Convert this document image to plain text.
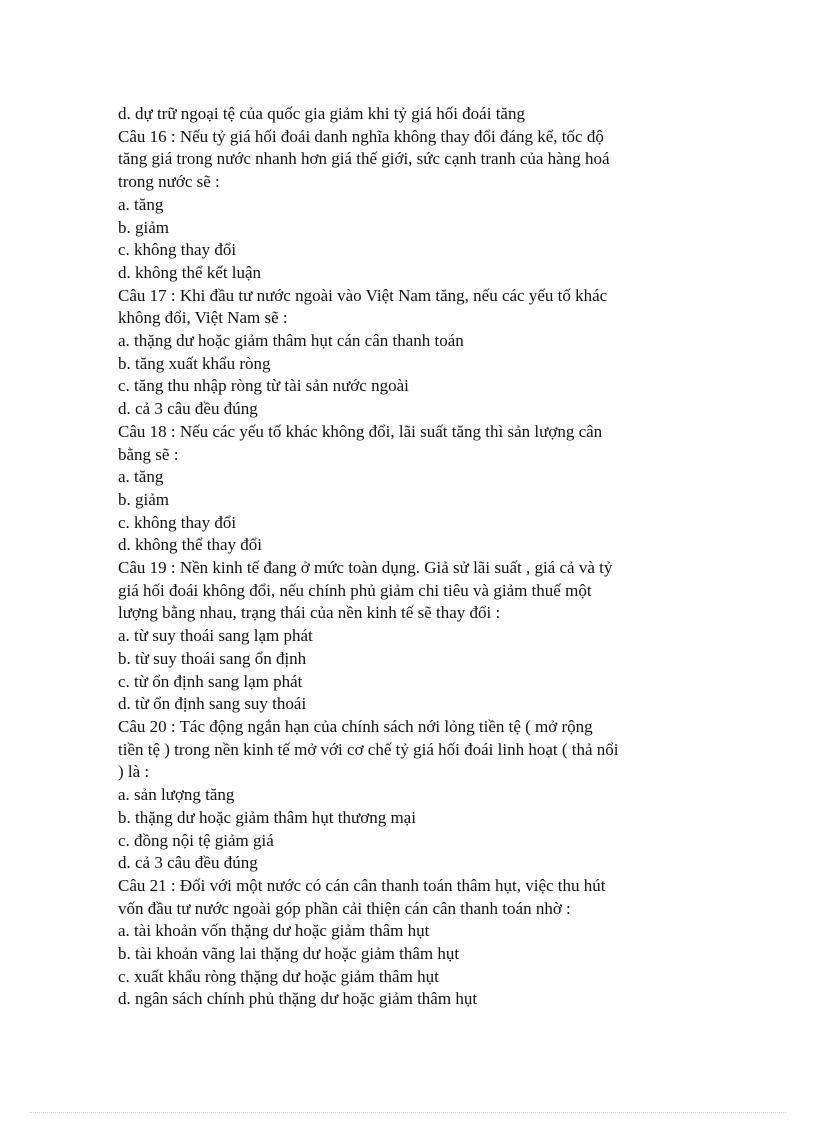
d. dự trữ ngoại tệ của quốc gia giảm khi tỷ giá hối đoái tăng
Câu 16 : Nếu tỷ giá hối đoái danh nghĩa không thay đổi đáng kể, tốc độ
tăng giá trong nước nhanh hơn giá thế giới, sức cạnh tranh của hàng hoá
trong nước sẽ :
a. tăng
b. giảm
c. không thay đổi
d. không thể kết luận
Câu 17 : Khi đầu tư nước ngoài vào Việt Nam tăng, nếu các yếu tố khác
không đổi, Việt Nam sẽ :
a. thặng dư hoặc giảm thâm hụt cán cân thanh toán
b. tăng xuất khẩu ròng
c. tăng thu nhập ròng từ tài sản nước ngoài
d. cả 3 câu đều đúng
Câu 18 : Nếu các yếu tố khác không đổi, lãi suất tăng thì sản lượng cân
bằng sẽ :
a. tăng
b. giảm
c. không thay đổi
d. không thể thay đổi
Câu 19 : Nền kinh tế đang ở mức toàn dụng. Giả sử lãi suất , giá cả và tỷ
giá hối đoái không đổi, nếu chính phủ giảm chi tiêu và giảm thuế một
lượng bằng nhau, trạng thái của nền kinh tế sẽ thay đổi :
a. từ suy thoái sang lạm phát
b. từ suy thoái sang ổn định
c. từ ổn định sang lạm phát
d. từ ổn định sang suy thoái
Câu 20 : Tác động ngắn hạn của chính sách nới lỏng tiền tệ ( mở rộng
tiền tệ ) trong nền kinh tế mở với cơ chế tỷ giá hối đoái linh hoạt ( thả nổi
) là :
a. sản lượng tăng
b. thặng dư hoặc giảm thâm hụt thương mại
c. đồng nội tệ giảm giá
d. cả 3 câu đều đúng
Câu 21 : Đối với một nước có cán cân thanh toán thâm hụt, việc thu hút
vốn đầu tư nước ngoài góp phần cải thiện cán cân thanh toán nhờ :
a. tài khoản vốn thặng dư hoặc giảm thâm hụt
b. tài khoản vãng lai thặng dư hoặc giảm thâm hụt
c. xuất khẩu ròng thặng dư hoặc giảm thâm hụt
d. ngân sách chính phủ thặng dư hoặc giảm thâm hụt
